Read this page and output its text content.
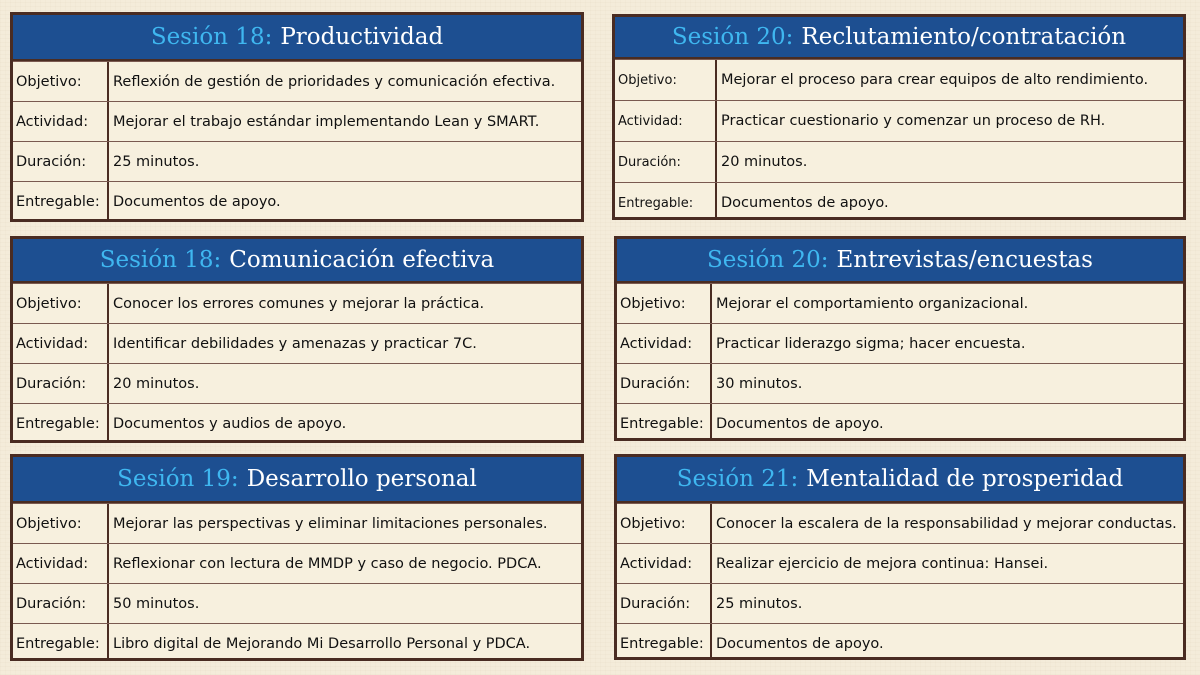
Sesión 18: Productividad
Objetivo:	Reflexión de gestión de prioridades y comunicación efectiva.
Actividad:	Mejorar el trabajo estándar implementando Lean y SMART.
Duración:	25 minutos.
Entregable: Documentos de apoyo.
Sesión 20: Reclutamiento/contratación
Objetivo:	Mejorar el proceso para crear equipos de alto rendimiento.
Actividad:	Practicar cuestionario y comenzar un proceso de RH.
Duración:	20 minutos.
Entregable:	Documentos de apoyo.
Sesión 18: Comunicación efectiva
Objetivo:	Conocer los errores comunes y mejorar la práctica.
Actividad:	Identificar debilidades y amenazas y practicar 7C.
Duración:	20 minutos.
Entregable: Documentos y audios de apoyo.
Sesión 20: Entrevistas/encuestas
Objetivo:	Mejorar el comportamiento organizacional.
Actividad:	Practicar liderazgo sigma; hacer encuesta.
Duración:	30 minutos.
Entregable: Documentos de apoyo.
Sesión 19: Desarrollo personal
Objetivo:	Mejorar las perspectivas y eliminar limitaciones personales.
Actividad:	Reflexionar con lectura de MMDP y caso de negocio. PDCA.
Duración:	50 minutos.
Entregable: Libro digital de Mejorando Mi Desarrollo Personal y PDCA.
Sesión 21: Mentalidad de prosperidad
Objetivo:	Conocer la escalera de la responsabilidad y mejorar conductas.
Actividad:	Realizar ejercicio de mejora continua: Hansei.
Duración:	25 minutos.
Entregable: Documentos de apoyo.
